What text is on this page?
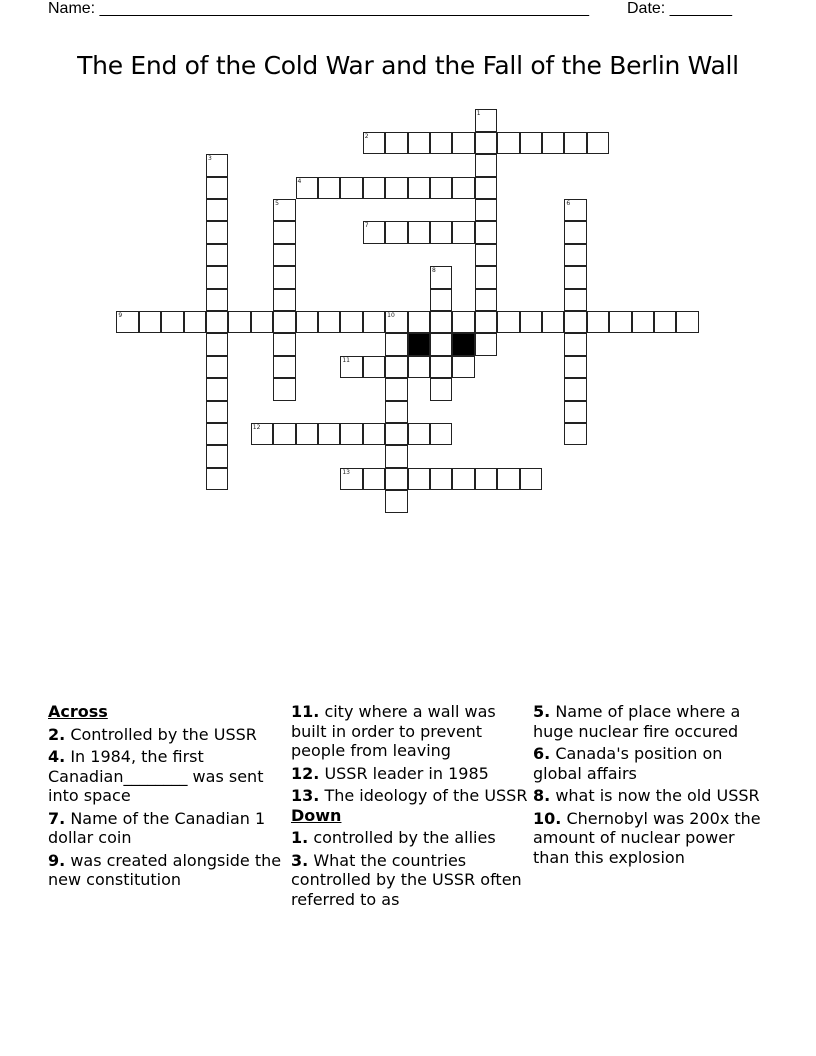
Name: _______________________________________________________ Date: _______
The End of the Cold War and the Fall of the Berlin Wall
1
2
3
4
5	6
7
8
9	10
11
12
13
Across
2. Controlled by the USSR
4. In 1984, the first Canadian________ was sent into space
7. Name of the Canadian 1 dollar coin
9. was created alongside the new constitution
11. city where a wall was built in order to prevent people from leaving
12. USSR leader in 1985
13. The ideology of the USSR
Down
1. controlled by the allies
3. What the countries controlled by the USSR often referred to as
5. Name of place where a huge nuclear fire occured
6. Canada's position on global affairs
8. what is now the old USSR
10. Chernobyl was 200x the amount of nuclear power than this explosion
